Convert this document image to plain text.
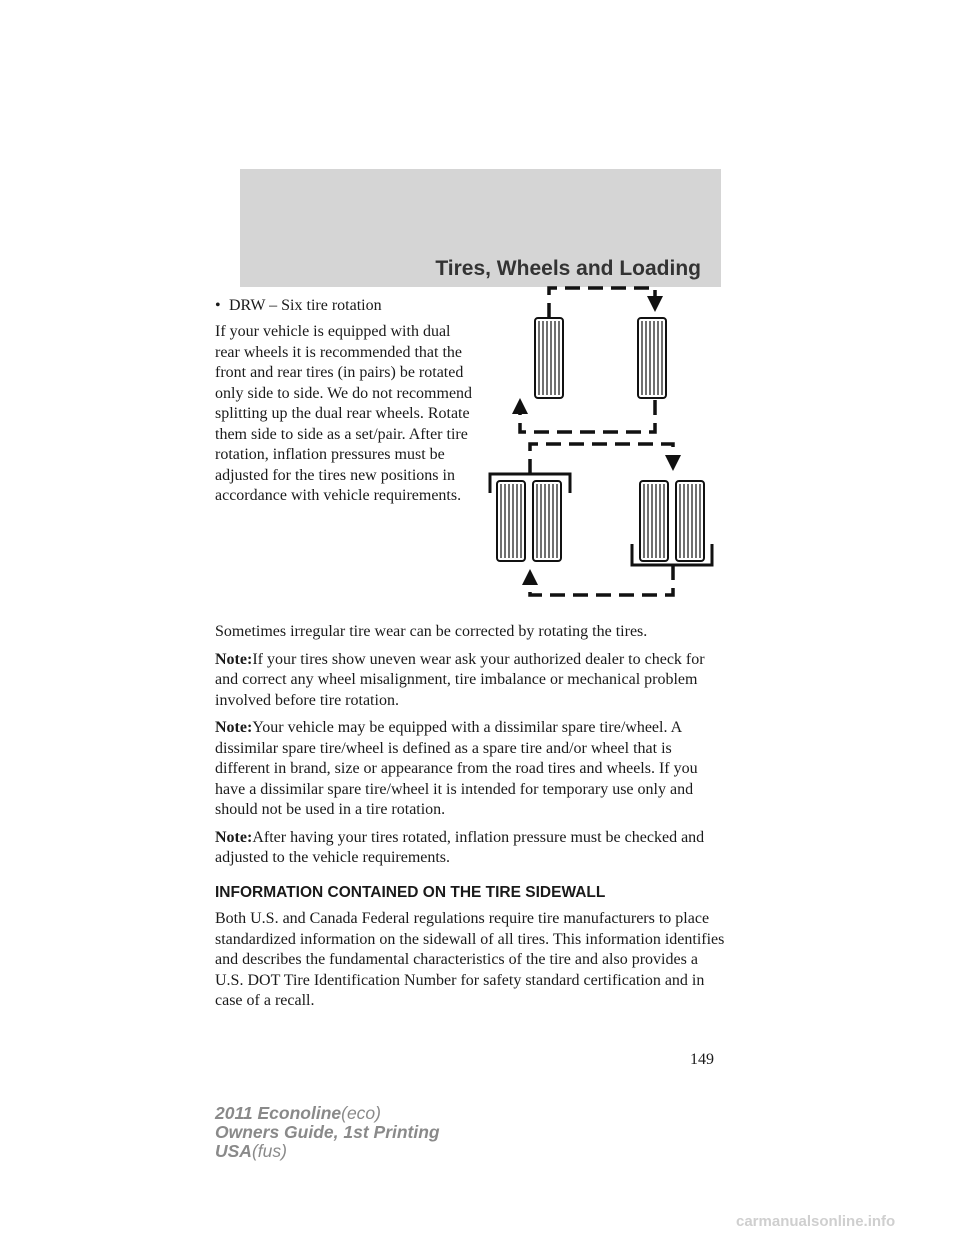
Tires, Wheels and Loading
• DRW – Six tire rotation

If your vehicle is equipped with dual rear wheels it is recommended that the front and rear tires (in pairs) be rotated only side to side. We do not recommend splitting up the dual rear wheels. Rotate them side to side as a set/pair. After tire rotation, inflation pressures must be adjusted for the tires new positions in accordance with vehicle requirements.

Sometimes irregular tire wear can be corrected by rotating the tires.

Note:If your tires show uneven wear ask your authorized dealer to check for and correct any wheel misalignment, tire imbalance or mechanical problem involved before tire rotation.

Note:Your vehicle may be equipped with a dissimilar spare tire/wheel. A dissimilar spare tire/wheel is defined as a spare tire and/or wheel that is different in brand, size or appearance from the road tires and wheels. If you have a dissimilar spare tire/wheel it is intended for temporary use only and should not be used in a tire rotation.

Note:After having your tires rotated, inflation pressure must be checked and adjusted to the vehicle requirements.

INFORMATION CONTAINED ON THE TIRE SIDEWALL

Both U.S. and Canada Federal regulations require tire manufacturers to place standardized information on the sidewall of all tires. This information identifies and describes the fundamental characteristics of the tire and also provides a U.S. DOT Tire Identification Number for safety standard certification and in case of a recall.

149
2011 Econoline(eco)
Owners Guide, 1st Printing
USA(fus)
carmanualsonline.info
